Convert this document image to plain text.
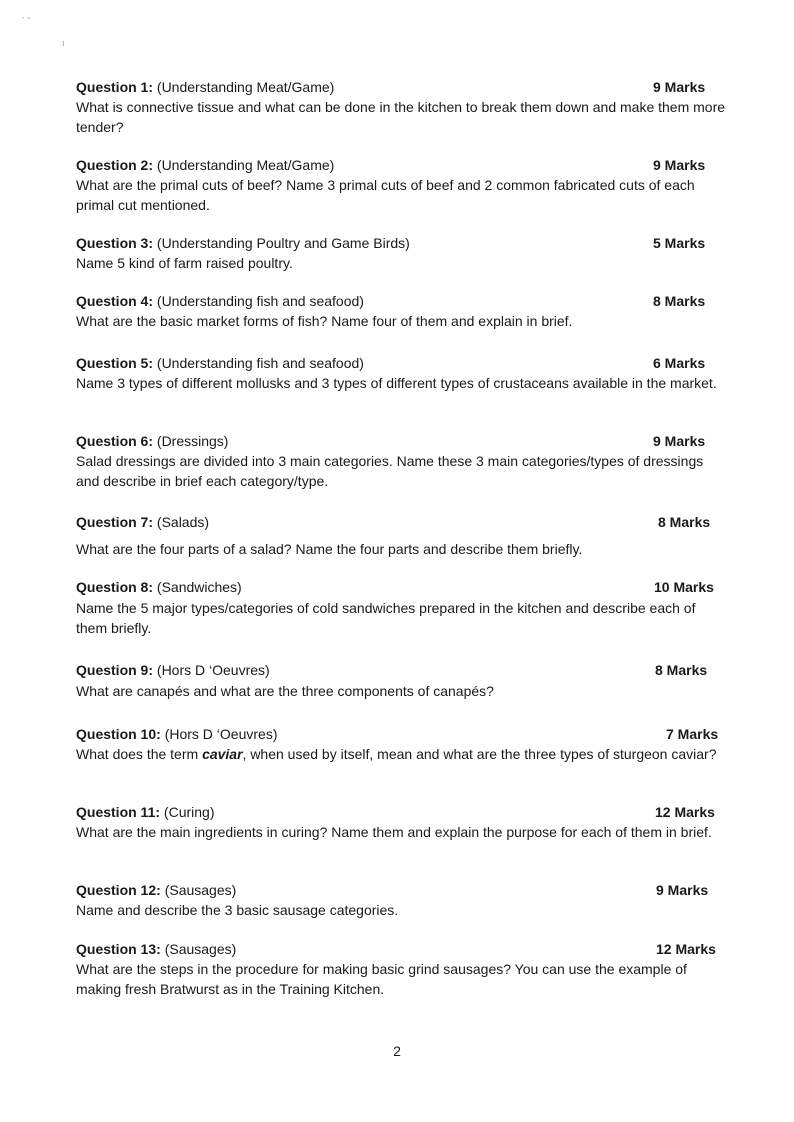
´ ˘
ı
Question 1: (Understanding Meat/Game)	9 Marks

What is connective tissue and what can be done in the kitchen to break them down and make them more tender?

Question 2: (Understanding Meat/Game)	9 Marks

What are the primal cuts of beef? Name 3 primal cuts of beef and 2 common fabricated cuts of each primal cut mentioned.

Question 3: (Understanding Poultry and Game Birds)	5 Marks

Name 5 kind of farm raised poultry.

Question 4: (Understanding fish and seafood)	8 Marks

What are the basic market forms of fish? Name four of them and explain in brief.

Question 5: (Understanding fish and seafood)	6 Marks

Name 3 types of different mollusks and 3 types of different types of crustaceans available in the market.

Question 6: (Dressings)	9 Marks

Salad dressings are divided into 3 main categories. Name these 3 main categories/types of dressings and describe in brief each category/type.

Question 7: (Salads)	8 Marks

What are the four parts of a salad? Name the four parts and describe them briefly.

Question 8: (Sandwiches)	10 Marks

Name the 5 major types/categories of cold sandwiches prepared in the kitchen and describe each of them briefly.

Question 9: (Hors D ‘Oeuvres)	8 Marks

What are canapés and what are the three components of canapés?

Question 10: (Hors D ‘Oeuvres)	7 Marks

What does the term caviar, when used by itself, mean and what are the three types of sturgeon caviar?

Question 11: (Curing)	12 Marks

What are the main ingredients in curing? Name them and explain the purpose for each of them in brief.

Question 12: (Sausages)	9 Marks

Name and describe the 3 basic sausage categories.

Question 13: (Sausages)	12 Marks

What are the steps in the procedure for making basic grind sausages? You can use the example of making fresh Bratwurst as in the Training Kitchen.

2
